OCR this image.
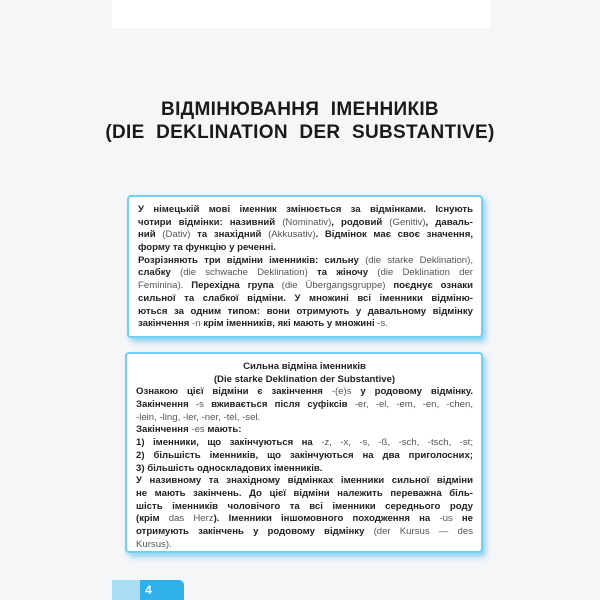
ВІДМІНЮВАННЯ ІМЕННИКІВ
(DIE DEKLINATION DER SUBSTANTIVE)
У німецькій мові іменник змінюється за відмінками. Існують
чотири відмінки: називний (Nominativ), родовий (Genitiv), даваль-
ний (Dativ) та знахідний (Akkusativ). Відмінок має своє значення,
форму та функцію у реченні.
Розрізняють три відміни іменників: сильну (die starke Deklination),
слабку (die schwache Deklination) та жіночу (die Deklination der
Feminina). Перехідна група (die Übergangsgruppe) поєднує ознаки
сильної та слабкої відміни. У множині всі іменники відміню-
ються за одним типом: вони отримують у давальному відмінку
закінчення -n крім іменників, які мають у множині -s.
Сильна відміна іменників
(Die starke Deklination der Substantive)
Ознакою цієї відміни є закінчення -(e)s у родовому відмінку.
Закінчення -s вживається після суфіксів -er, -el, -em, -en, -chen,
-lein, -ling, -ler, -ner, -tel, -sel.
Закінчення -es мають:
1) іменники, що закінчуються на -z, -x, -s, -ß, -sch, -tsch, -st;
2) більшість іменників, що закінчуються на два приголосних;
3) більшість односкладових іменників.
У називному та знахідному відмінках іменники сильної відміни
не мають закінчень. До цієї відміни належить переважна біль-
шість іменників чоловічого та всі іменники середнього роду
(крім das Herz). Іменники іншомовного походження на -us не
отримують закінчень у родовому відмінку (der Kursus — des
Kursus).
4
